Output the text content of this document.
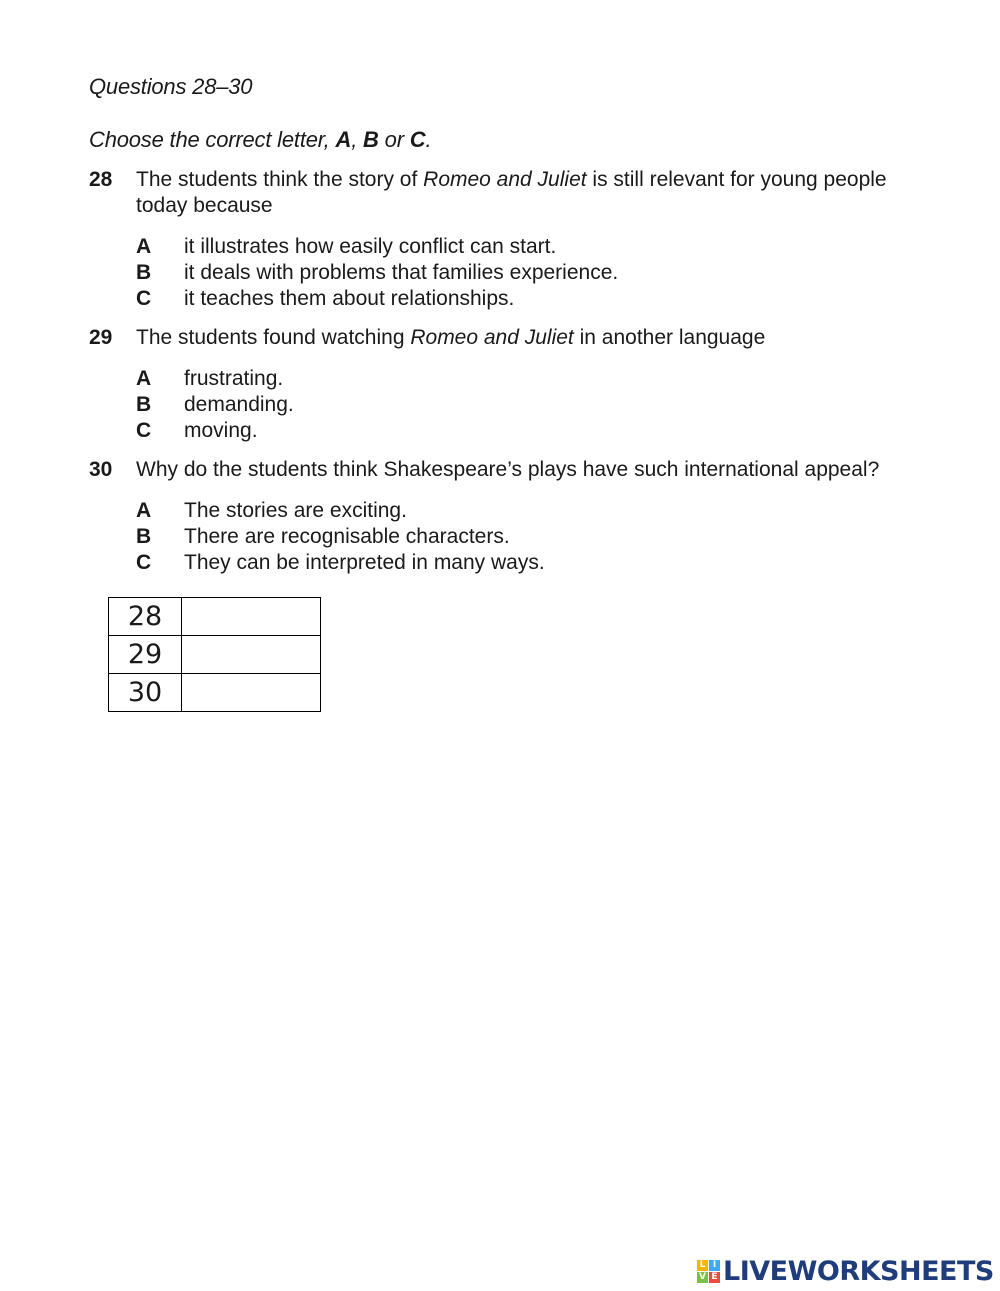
Questions 28–30
Choose the correct letter, A, B or C.
28 The students think the story of Romeo and Juliet is still relevant for young people today because
A	it illustrates how easily conflict can start.
B	it deals with problems that families experience.
C	it teaches them about relationships.
29 The students found watching Romeo and Juliet in another language
A	frustrating.
B	demanding.
C	moving.
30 Why do the students think Shakespeare’s plays have such international appeal?
A	The stories are exciting.
B	There are recognisable characters.
C	They can be interpreted in many ways.
28	
29	
30	
L I
V E LIVEWORKSHEETS
